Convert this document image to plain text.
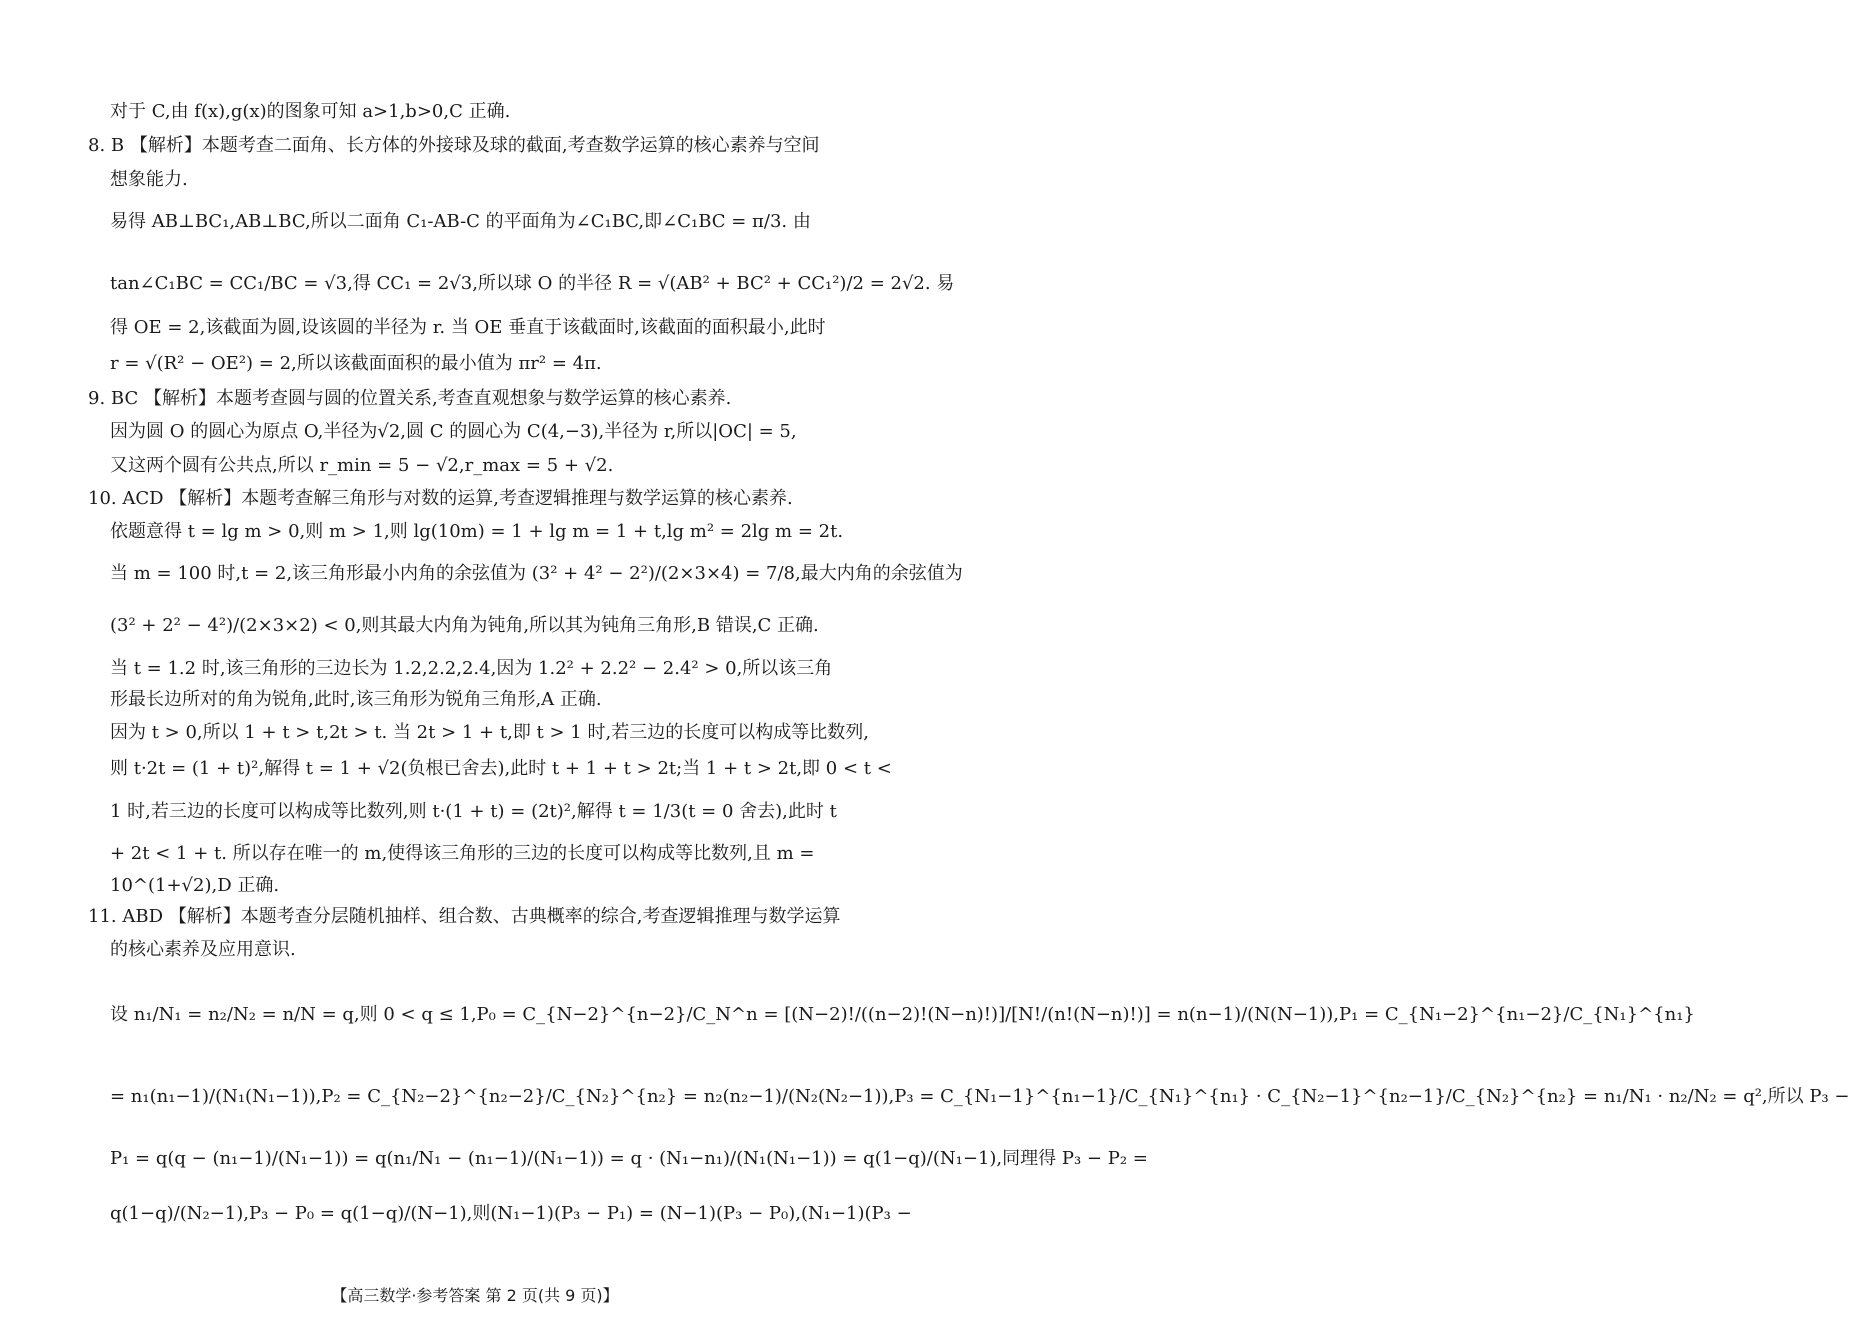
对于 C,由 f(x),g(x)的图象可知 a>1,b>0,C 正确.
8. B 【解析】本题考查二面角、长方体的外接球及球的截面,考查数学运算的核心素养与空间
想象能力.
易得 AB⊥BC₁,AB⊥BC,所以二面角 C₁-AB-C 的平面角为∠C₁BC,即∠C₁BC = π/3. 由
tan∠C₁BC = CC₁/BC = √3,得 CC₁ = 2√3,所以球 O 的半径 R = √(AB² + BC² + CC₁²)/2 = 2√2. 易
得 OE = 2,该截面为圆,设该圆的半径为 r. 当 OE 垂直于该截面时,该截面的面积最小,此时
r = √(R² − OE²) = 2,所以该截面面积的最小值为 πr² = 4π.
9. BC 【解析】本题考查圆与圆的位置关系,考查直观想象与数学运算的核心素养.
因为圆 O 的圆心为原点 O,半径为√2,圆 C 的圆心为 C(4,−3),半径为 r,所以|OC| = 5,
又这两个圆有公共点,所以 r_min = 5 − √2,r_max = 5 + √2.
10. ACD 【解析】本题考查解三角形与对数的运算,考查逻辑推理与数学运算的核心素养.
依题意得 t = lg m > 0,则 m > 1,则 lg(10m) = 1 + lg m = 1 + t,lg m² = 2lg m = 2t.
当 m = 100 时,t = 2,该三角形最小内角的余弦值为 (3² + 4² − 2²)/(2×3×4) = 7/8,最大内角的余弦值为
(3² + 2² − 4²)/(2×3×2) < 0,则其最大内角为钝角,所以其为钝角三角形,B 错误,C 正确.
当 t = 1.2 时,该三角形的三边长为 1.2,2.2,2.4,因为 1.2² + 2.2² − 2.4² > 0,所以该三角
形最长边所对的角为锐角,此时,该三角形为锐角三角形,A 正确.
因为 t > 0,所以 1 + t > t,2t > t. 当 2t > 1 + t,即 t > 1 时,若三边的长度可以构成等比数列,
则 t·2t = (1 + t)²,解得 t = 1 + √2(负根已舍去),此时 t + 1 + t > 2t;当 1 + t > 2t,即 0 < t <
1 时,若三边的长度可以构成等比数列,则 t·(1 + t) = (2t)²,解得 t = 1/3(t = 0 舍去),此时 t
+ 2t < 1 + t. 所以存在唯一的 m,使得该三角形的三边的长度可以构成等比数列,且 m =
10^(1+√2),D 正确.
11. ABD 【解析】本题考查分层随机抽样、组合数、古典概率的综合,考查逻辑推理与数学运算
的核心素养及应用意识.
设 n₁/N₁ = n₂/N₂ = n/N = q,则 0 < q ≤ 1,P₀ = C_{N−2}^{n−2}/C_N^n = [(N−2)!/((n−2)!(N−n)!)]/[N!/(n!(N−n)!)] = n(n−1)/(N(N−1)),P₁ = C_{N₁−2}^{n₁−2}/C_{N₁}^{n₁}
= n₁(n₁−1)/(N₁(N₁−1)),P₂ = C_{N₂−2}^{n₂−2}/C_{N₂}^{n₂} = n₂(n₂−1)/(N₂(N₂−1)),P₃ = C_{N₁−1}^{n₁−1}/C_{N₁}^{n₁} · C_{N₂−1}^{n₂−1}/C_{N₂}^{n₂} = n₁/N₁ · n₂/N₂ = q²,所以 P₃ −
P₁ = q(q − (n₁−1)/(N₁−1)) = q(n₁/N₁ − (n₁−1)/(N₁−1)) = q · (N₁−n₁)/(N₁(N₁−1)) = q(1−q)/(N₁−1),同理得 P₃ − P₂ =
q(1−q)/(N₂−1),P₃ − P₀ = q(1−q)/(N−1),则(N₁−1)(P₃ − P₁) = (N−1)(P₃ − P₀),(N₁−1)(P₃ −
【高三数学·参考答案 第 2 页(共 9 页)】
